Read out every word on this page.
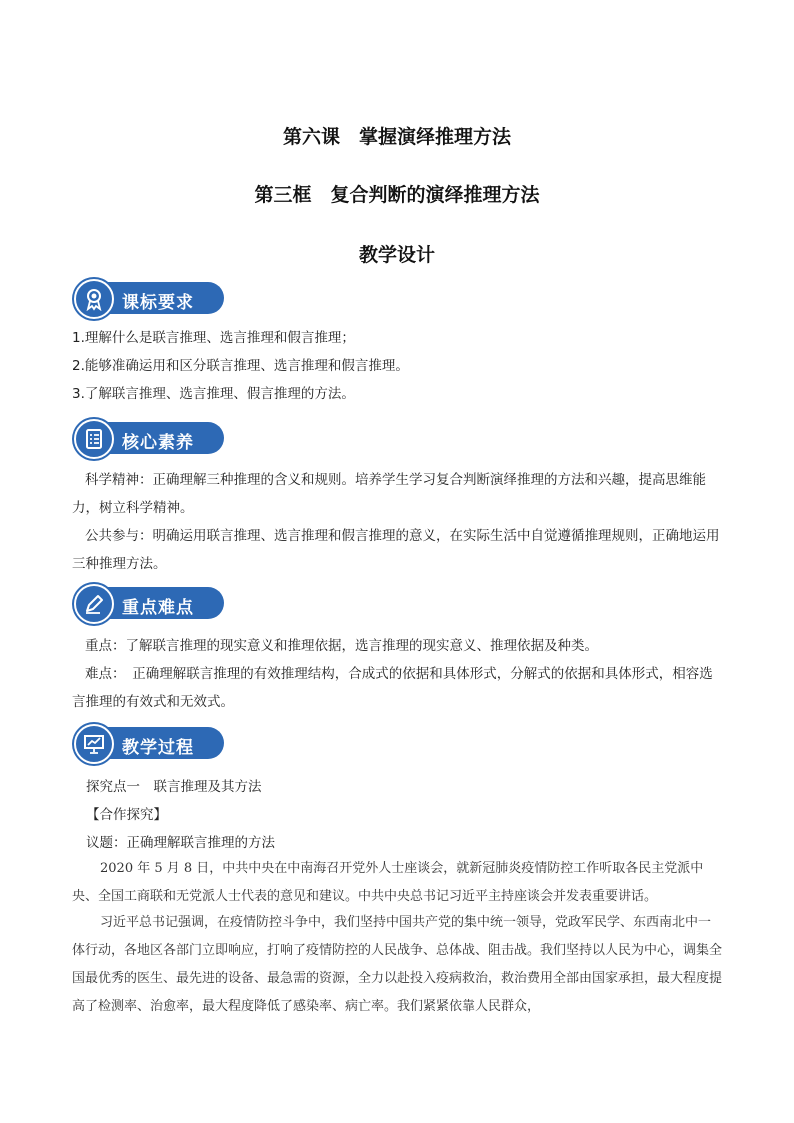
第六课　掌握演绎推理方法
第三框　复合判断的演绎推理方法
教学设计
课标要求
1.理解什么是联言推理、选言推理和假言推理；
2.能够准确运用和区分联言推理、选言推理和假言推理。
3.了解联言推理、选言推理、假言推理的方法。
核心素养
科学精神：正确理解三种推理的含义和规则。培养学生学习复合判断演绎推理的方法和兴趣，提高思维能力，树立科学精神。
公共参与：明确运用联言推理、选言推理和假言推理的意义，在实际生活中自觉遵循推理规则，正确地运用三种推理方法。
重点难点
重点：了解联言推理的现实意义和推理依据，选言推理的现实意义、推理依据及种类。
难点：　正确理解联言推理的有效推理结构，合成式的依据和具体形式，分解式的依据和具体形式，相容选言推理的有效式和无效式。
教学过程
探究点一　联言推理及其方法
【合作探究】
议题：正确理解联言推理的方法
2020 年 5 月 8 日，中共中央在中南海召开党外人士座谈会，就新冠肺炎疫情防控工作听取各民主党派中央、全国工商联和无党派人士代表的意见和建议。中共中央总书记习近平主持座谈会并发表重要讲话。
习近平总书记强调，在疫情防控斗争中，我们坚持中国共产党的集中统一领导，党政军民学、东西南北中一体行动，各地区各部门立即响应，打响了疫情防控的人民战争、总体战、阻击战。我们坚持以人民为中心，调集全国最优秀的医生、最先进的设备、最急需的资源，全力以赴投入疫病救治，救治费用全部由国家承担，最大程度提高了检测率、治愈率，最大程度降低了感染率、病亡率。我们紧紧依靠人民群众，
